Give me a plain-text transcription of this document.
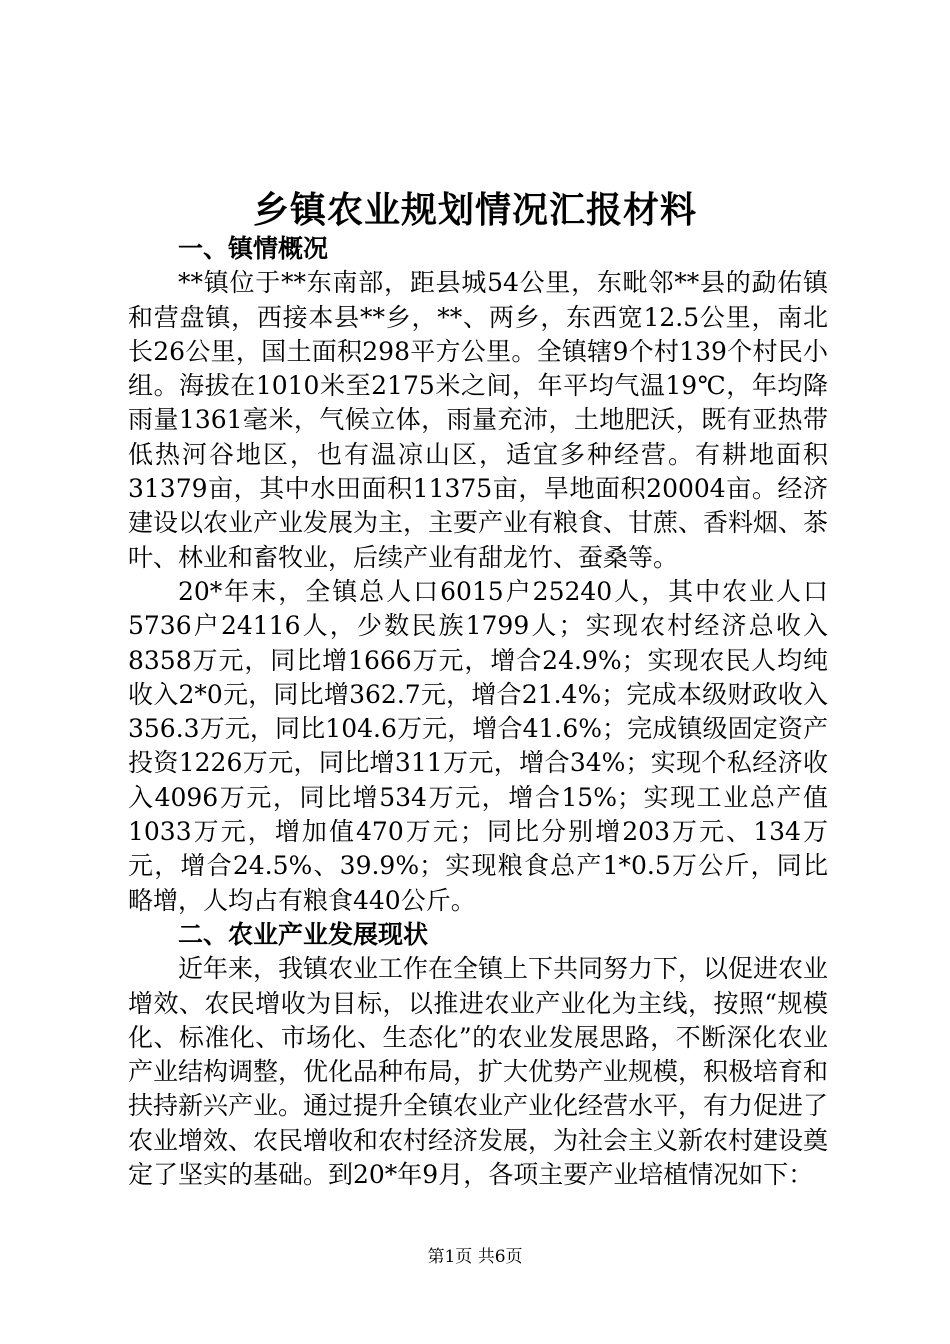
乡镇农业规划情况汇报材料
一、镇情概况

**镇位于**东南部，距县城54公里，东毗邻**县的勐佑镇和营盘镇，西接本县**乡，**、两乡，东西宽12.5公里，南北长26公里，国土面积298平方公里。全镇辖9个村139个村民小组。海拔在1010米至2175米之间，年平均气温19℃，年均降雨量1361毫米，气候立体，雨量充沛，土地肥沃，既有亚热带低热河谷地区，也有温凉山区，适宜多种经营。有耕地面积31379亩，其中水田面积11375亩，旱地面积20004亩。经济建设以农业产业发展为主，主要产业有粮食、甘蔗、香料烟、茶叶、林业和畜牧业，后续产业有甜龙竹、蚕桑等。

20*年末，全镇总人口6015户25240人，其中农业人口5736户24116人，少数民族1799人；实现农村经济总收入8358万元，同比增1666万元，增合24.9%；实现农民人均纯收入2*0元，同比增362.7元，增合21.4%；完成本级财政收入356.3万元，同比104.6万元，增合41.6%；完成镇级固定资产投资1226万元，同比增311万元，增合34%；实现个私经济收入4096万元，同比增534万元，增合15%；实现工业总产值1033万元，增加值470万元；同比分别增203万元、134万元，增合24.5%、39.9%；实现粮食总产1*0.5万公斤，同比略增，人均占有粮食440公斤。

二、农业产业发展现状

近年来，我镇农业工作在全镇上下共同努力下，以促进农业增效、农民增收为目标，以推进农业产业化为主线，按照“规模化、标准化、市场化、生态化”的农业发展思路，不断深化农业产业结构调整，优化品种布局，扩大优势产业规模，积极培育和扶持新兴产业。通过提升全镇农业产业化经营水平，有力促进了农业增效、农民增收和农村经济发展，为社会主义新农村建设奠定了坚实的基础。到20*年9月，各项主要产业培植情况如下：

第1页 共6页
